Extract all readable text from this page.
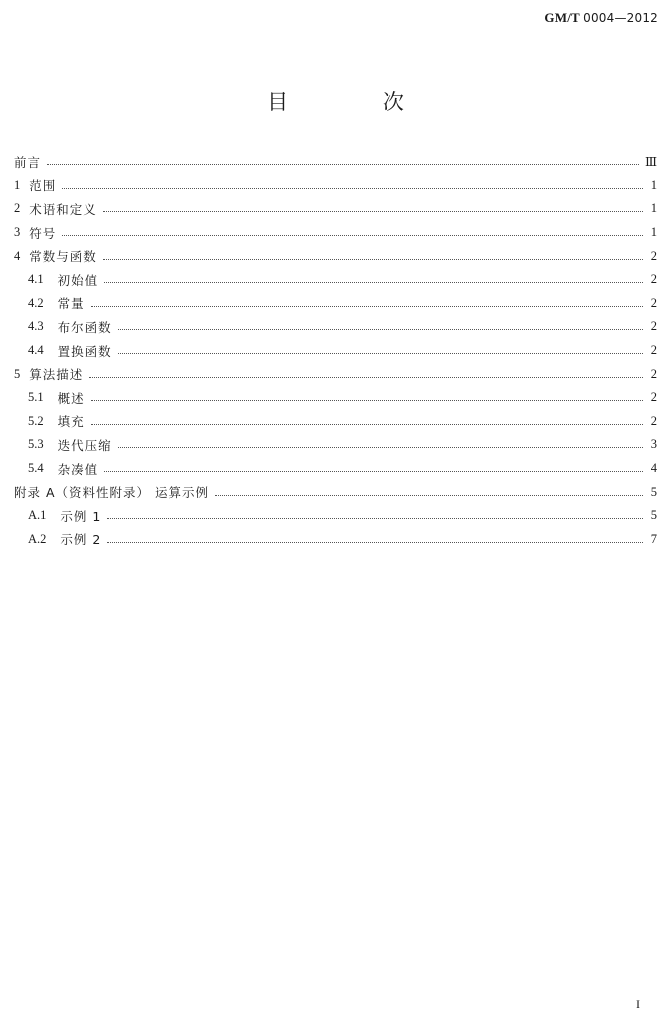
GM/T 0004—2012
目 次
前言	Ⅲ
1 范围	1
2 术语和定义	1
3 符号	1
4 常数与函数	2
4.1 初始值	2
4.2 常量	2
4.3 布尔函数	2
4.4 置换函数	2
5 算法描述	2
5.1 概述	2
5.2 填充	2
5.3 迭代压缩	3
5.4 杂凑值	4
附录 A（资料性附录） 运算示例	5
A.1 示例 1	5
A.2 示例 2	7
I
